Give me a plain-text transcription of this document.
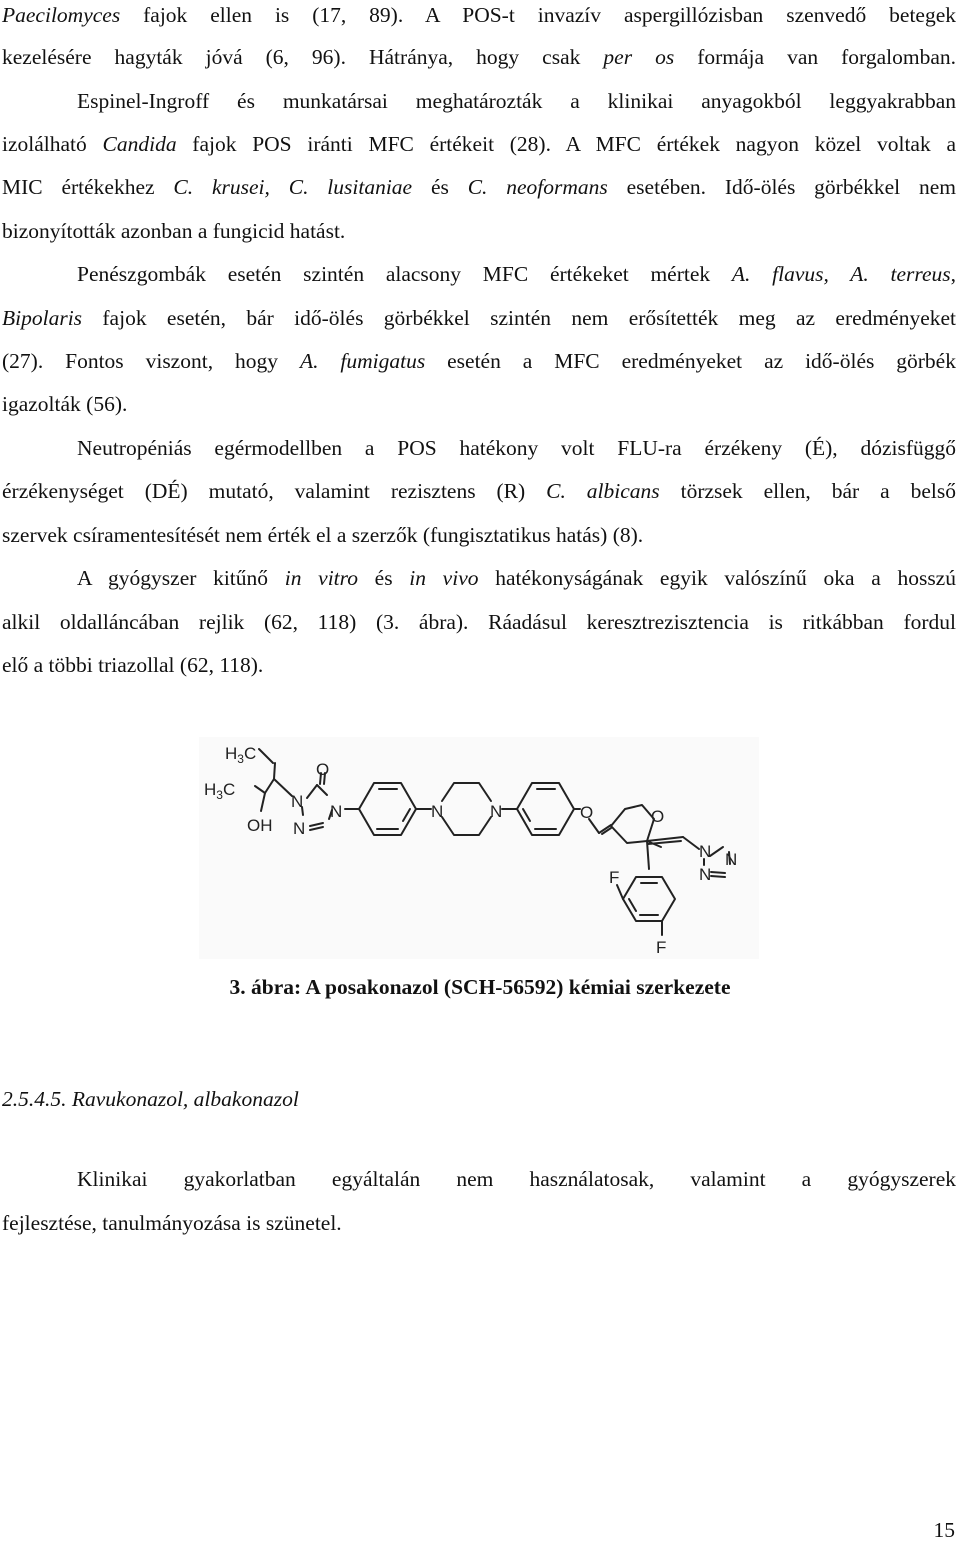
Paecilomyces fajok ellen is (17, 89). A POS-t invazív aspergillózisban szenvedő betegek
kezelésére hagyták jóvá (6, 96). Hátránya, hogy csak per os formája van forgalomban.
Espinel-Ingroff és munkatársai meghatározták a klinikai anyagokból leggyakrabban
izolálható Candida fajok POS iránti MFC értékeit (28). A MFC értékek nagyon közel voltak a
MIC értékekhez C. krusei, C. lusitaniae és C. neoformans esetében. Idő-ölés görbékkel nem
bizonyították azonban a fungicid hatást.
Penészgombák esetén szintén alacsony MFC értékeket mértek A. flavus, A. terreus,
Bipolaris fajok esetén, bár idő-ölés görbékkel szintén nem erősítették meg az eredményeket
(27). Fontos viszont, hogy A. fumigatus esetén a MFC eredményeket az idő-ölés görbék
igazolták (56).
Neutropéniás egérmodellben a POS hatékony volt FLU-ra érzékeny (É), dózisfüggő
érzékenységet (DÉ) mutató, valamint rezisztens (R) C. albicans törzsek ellen, bár a belső
szervek csíramentesítését nem érték el a szerzők (fungisztatikus hatás) (8).
A gyógyszer kitűnő in vitro és in vivo hatékonyságának egyik valószínű oka a hosszú
alkil oldalláncában rejlik (62, 118) (3. ábra). Ráadásul keresztrezisztencia is ritkábban fordul
elő a többi triazollal (62, 118).
$H_3C$
$H_3C$
OH
O
N
N
N	N	N	O	O
N N
N
F
F
3. ábra: A posakonazol (SCH-56592) kémiai szerkezete
2.5.4.5. Ravukonazol, albakonazol
Klinikai gyakorlatban egyáltalán nem használatosak, valamint a gyógyszerek
fejlesztése, tanulmányozása is szünetel.
15
